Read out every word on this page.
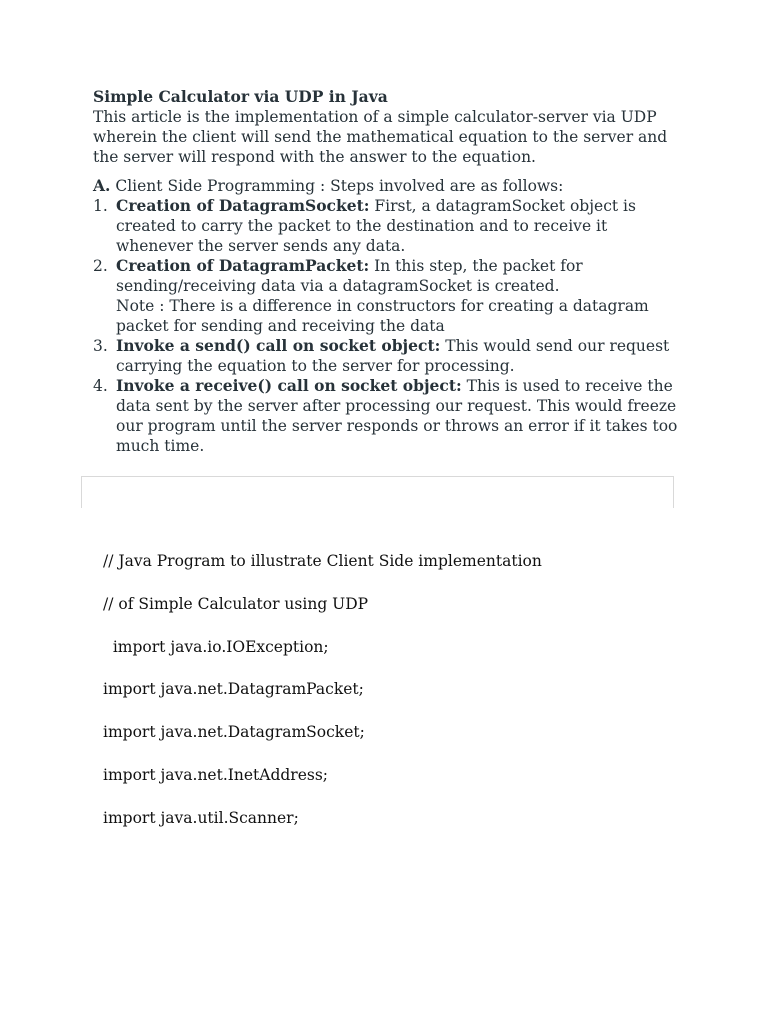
Simple Calculator via UDP in Java

This article is the implementation of a simple calculator-server via UDP wherein the client will send the mathematical equation to the server and the server will respond with the answer to the equation.

A. Client Side Programming : Steps involved are as follows:

1. Creation of DatagramSocket: First, a datagramSocket object is created to carry the packet to the destination and to receive it whenever the server sends any data.
2. Creation of DatagramPacket: In this step, the packet for sending/receiving data via a datagramSocket is created.
Note : There is a difference in constructors for creating a datagram packet for sending and receiving the data
3. Invoke a send() call on socket object: This would send our request carrying the equation to the server for processing.
4. Invoke a receive() call on socket object: This is used to receive the data sent by the server after processing our request. This would freeze our program until the server responds or throws an error if it takes too much time.
// Java Program to illustrate Client Side implementation
// of Simple Calculator using UDP
import java.io.IOException;
import java.net.DatagramPacket;
import java.net.DatagramSocket;
import java.net.InetAddress;
import java.util.Scanner;
